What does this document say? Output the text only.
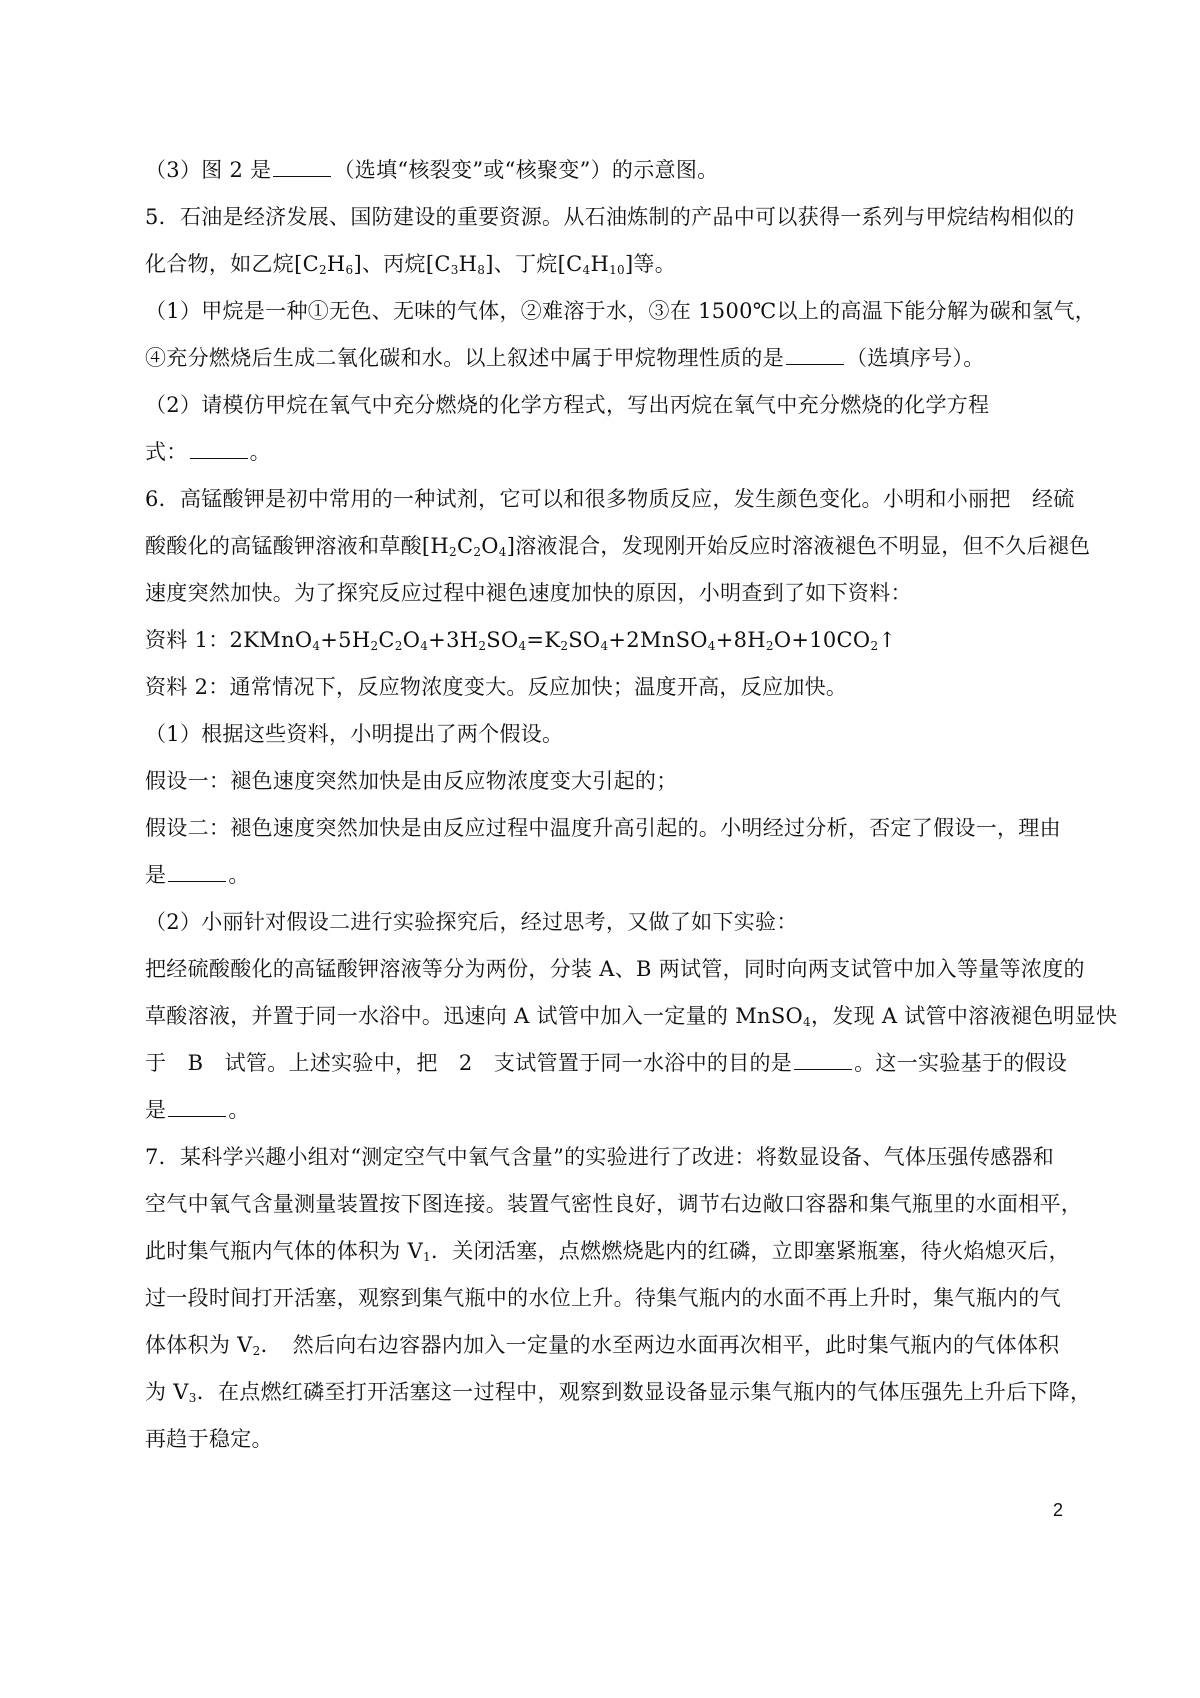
（3）图 2 是	（选填“核裂变”或“核聚变”）的示意图。
5．石油是经济发展、国防建设的重要资源。从石油炼制的产品中可以获得一系列与甲烷结构相似的
化合物，如乙烷$[C_2H_6]$、丙烷$[C_3H_8]$、丁烷$[C_4H_{10}]$等。
（1）甲烷是一种①无色、无味的气体，②难溶于水，③在 1500℃以上的高温下能分解为碳和氢气，
④充分燃烧后生成二氧化碳和水。以上叙述中属于甲烷物理性质的是	（选填序号）。
（2）请模仿甲烷在氧气中充分燃烧的化学方程式，写出丙烷在氧气中充分燃烧的化学方程
式：	。
6．高锰酸钾是初中常用的一种试剂，它可以和很多物质反应，发生颜色变化。小明和小丽把　经硫
酸酸化的高锰酸钾溶液和草酸$[H_2C_2O_4]$溶液混合，发现刚开始反应时溶液褪色不明显，但不久后褪色
速度突然加快。为了探究反应过程中褪色速度加快的原因，小明查到了如下资料：
资料 1：$2KMnO_4+5H_2C_2O_4+3H_2SO_4=K_2SO_4+2MnSO_4+8H_2O+10CO_2↑$
资料 2：通常情况下，反应物浓度变大。反应加快；温度开高，反应加快。
（1）根据这些资料，小明提出了两个假设。
假设一：褪色速度突然加快是由反应物浓度变大引起的；
假设二：褪色速度突然加快是由反应过程中温度升高引起的。小明经过分析，否定了假设一，理由
是	。
（2）小丽针对假设二进行实验探究后，经过思考，又做了如下实验：
把经硫酸酸化的高锰酸钾溶液等分为两份，分装 A、B 两试管，同时向两支试管中加入等量等浓度的
草酸溶液，并置于同一水浴中。迅速向 A 试管中加入一定量的 MnSO$_4$，发现 A 试管中溶液褪色明显快
于　B　试管。上述实验中，把　2　支试管置于同一水浴中的目的是	。这一实验基于的假设
是	。
7．某科学兴趣小组对“测定空气中氧气含量”的实验进行了改进：将数显设备、气体压强传感器和
空气中氧气含量测量装置按下图连接。装置气密性良好，调节右边敞口容器和集气瓶里的水面相平，
此时集气瓶内气体的体积为 $V_1$．关闭活塞，点燃燃烧匙内的红磷，立即塞紧瓶塞，待火焰熄灭后，
过一段时间打开活塞，观察到集气瓶中的水位上升。待集气瓶内的水面不再上升时，集气瓶内的气
体体积为 $V_2$．　然后向右边容器内加入一定量的水至两边水面再次相平，此时集气瓶内的气体体积
为 $V_3$．在点燃红磷至打开活塞这一过程中，观察到数显设备显示集气瓶内的气体压强先上升后下降，
再趋于稳定。
2
